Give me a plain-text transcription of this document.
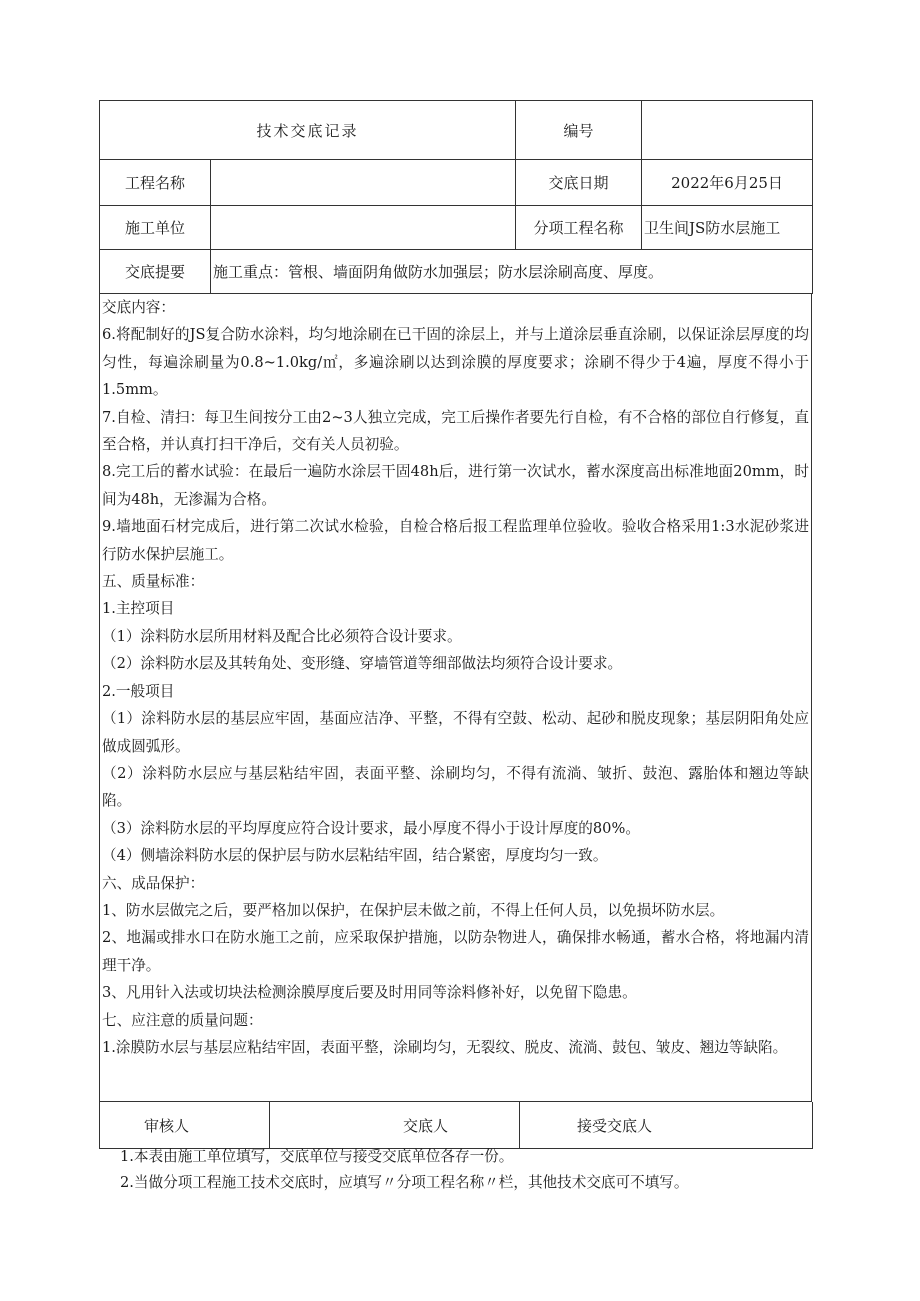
技术交底记录		编号	
工程名称		交底日期	2022年6月25日
施工单位		分项工程名称	卫生间JS防水层施工
交底提要	施工重点：管根、墙面阴角做防水加强层；防水层涂刷高度、厚度。		

交底内容：

6.将配制好的JS复合防水涂料，均匀地涂刷在已干固的涂层上，并与上道涂层垂直涂刷，以保证涂层厚度的均匀性，每遍涂刷量为0.8~1.0kg/㎡，多遍涂刷以达到涂膜的厚度要求；涂刷不得少于4遍，厚度不得小于1.5mm。

7.自检、清扫：每卫生间按分工由2~3人独立完成，完工后操作者要先行自检，有不合格的部位自行修复，直至合格，并认真打扫干净后，交有关人员初验。

8.完工后的蓄水试验：在最后一遍防水涂层干固48h后，进行第一次试水，蓄水深度高出标准地面20mm，时间为48h，无渗漏为合格。

9.墙地面石材完成后，进行第二次试水检验，自检合格后报工程监理单位验收。验收合格采用1:3水泥砂浆进行防水保护层施工。

五、质量标准：

1.主控项目

（1）涂料防水层所用材料及配合比必须符合设计要求。

（2）涂料防水层及其转角处、变形缝、穿墙管道等细部做法均须符合设计要求。

2.一般项目

（1）涂料防水层的基层应牢固，基面应洁净、平整，不得有空鼓、松动、起砂和脱皮现象；基层阴阳角处应做成圆弧形。

（2）涂料防水层应与基层粘结牢固，表面平整、涂刷均匀，不得有流淌、皱折、鼓泡、露胎体和翘边等缺陷。

（3）涂料防水层的平均厚度应符合设计要求，最小厚度不得小于设计厚度的80%。

（4）侧墙涂料防水层的保护层与防水层粘结牢固，结合紧密，厚度均匀一致。

六、成品保护：

1、防水层做完之后，要严格加以保护，在保护层未做之前，不得上任何人员，以免损坏防水层。

2、地漏或排水口在防水施工之前，应采取保护措施，以防杂物进人，确保排水畅通，蓄水合格，将地漏内清理干净。

3、凡用针入法或切块法检测涂膜厚度后要及时用同等涂料修补好，以免留下隐患。

七、应注意的质量问题：

1.涂膜防水层与基层应粘结牢固，表面平整，涂刷均匀，无裂纹、脱皮、流淌、鼓包、皱皮、翘边等缺陷。

审核人	交底人	接受交底人

1.本表由施工单位填写，交底单位与接受交底单位各存一份。

2.当做分项工程施工技术交底时，应填写〃分项工程名称〃栏，其他技术交底可不填写。
